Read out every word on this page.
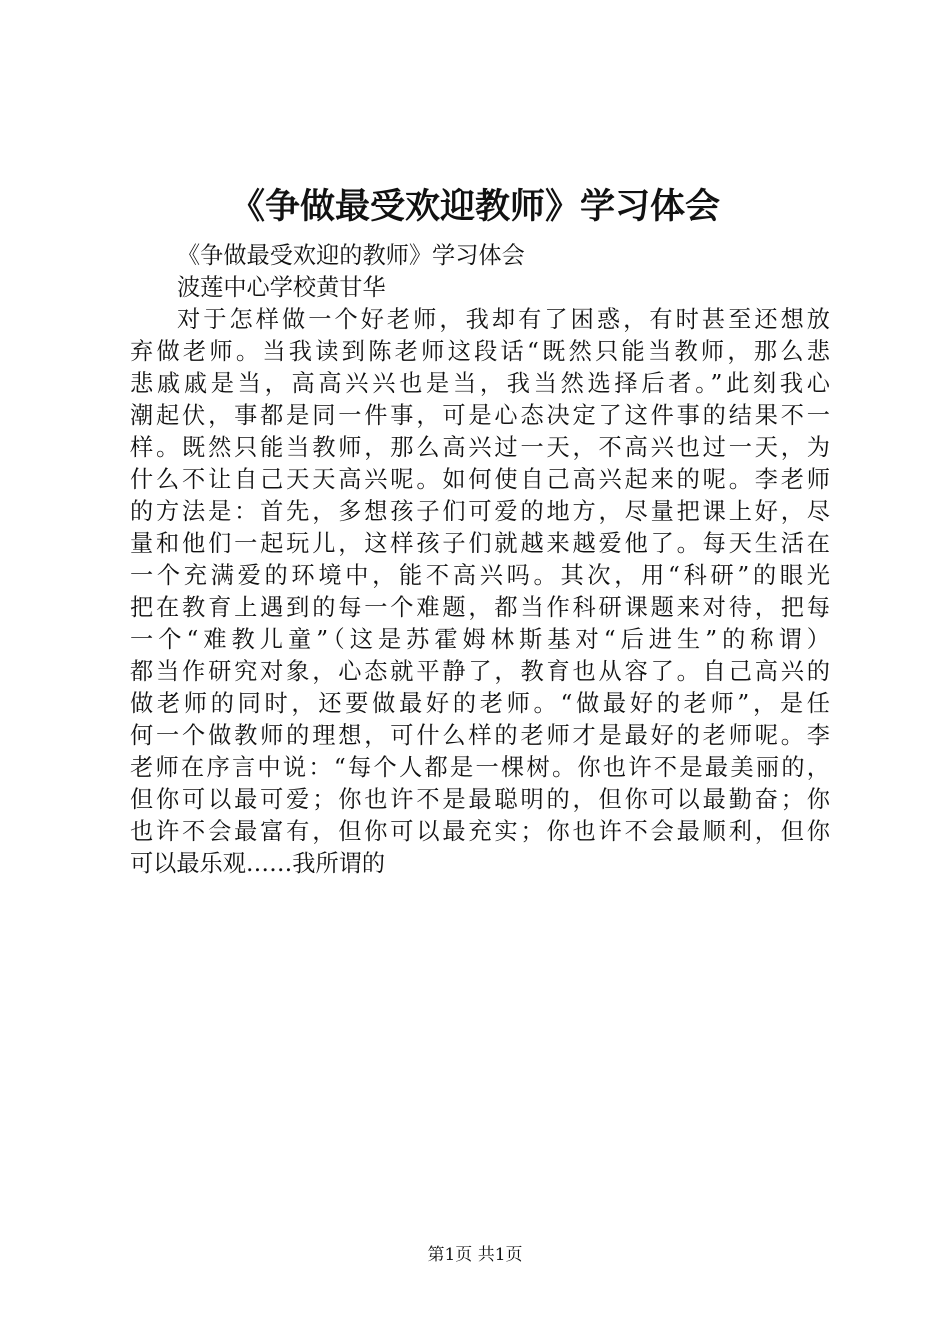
《争做最受欢迎教师》学习体会
《争做最受欢迎的教师》学习体会
波莲中心学校黄甘华
对于怎样做一个好老师，我却有了困惑，有时甚至还想放
弃做老师。当我读到陈老师这段话“既然只能当教师，那么悲
悲戚戚是当，高高兴兴也是当，我当然选择后者。”此刻我心
潮起伏，事都是同一件事，可是心态决定了这件事的结果不一
样。既然只能当教师，那么高兴过一天，不高兴也过一天，为
什么不让自己天天高兴呢。如何使自己高兴起来的呢。李老师
的方法是：首先，多想孩子们可爱的地方，尽量把课上好，尽
量和他们一起玩儿，这样孩子们就越来越爱他了。每天生活在
一个充满爱的环境中，能不高兴吗。其次，用“科研”的眼光
把在教育上遇到的每一个难题，都当作科研课题来对待，把每
一个“难教儿童”（这是苏霍姆林斯基对“后进生”的称谓）
都当作研究对象，心态就平静了，教育也从容了。自己高兴的
做老师的同时，还要做最好的老师。“做最好的老师”，是任
何一个做教师的理想，可什么样的老师才是最好的老师呢。李
老师在序言中说：“每个人都是一棵树。你也许不是最美丽的，
但你可以最可爱；你也许不是最聪明的，但你可以最勤奋；你
也许不会最富有，但你可以最充实；你也许不会最顺利，但你
可以最乐观……我所谓的
第1页 共1页
